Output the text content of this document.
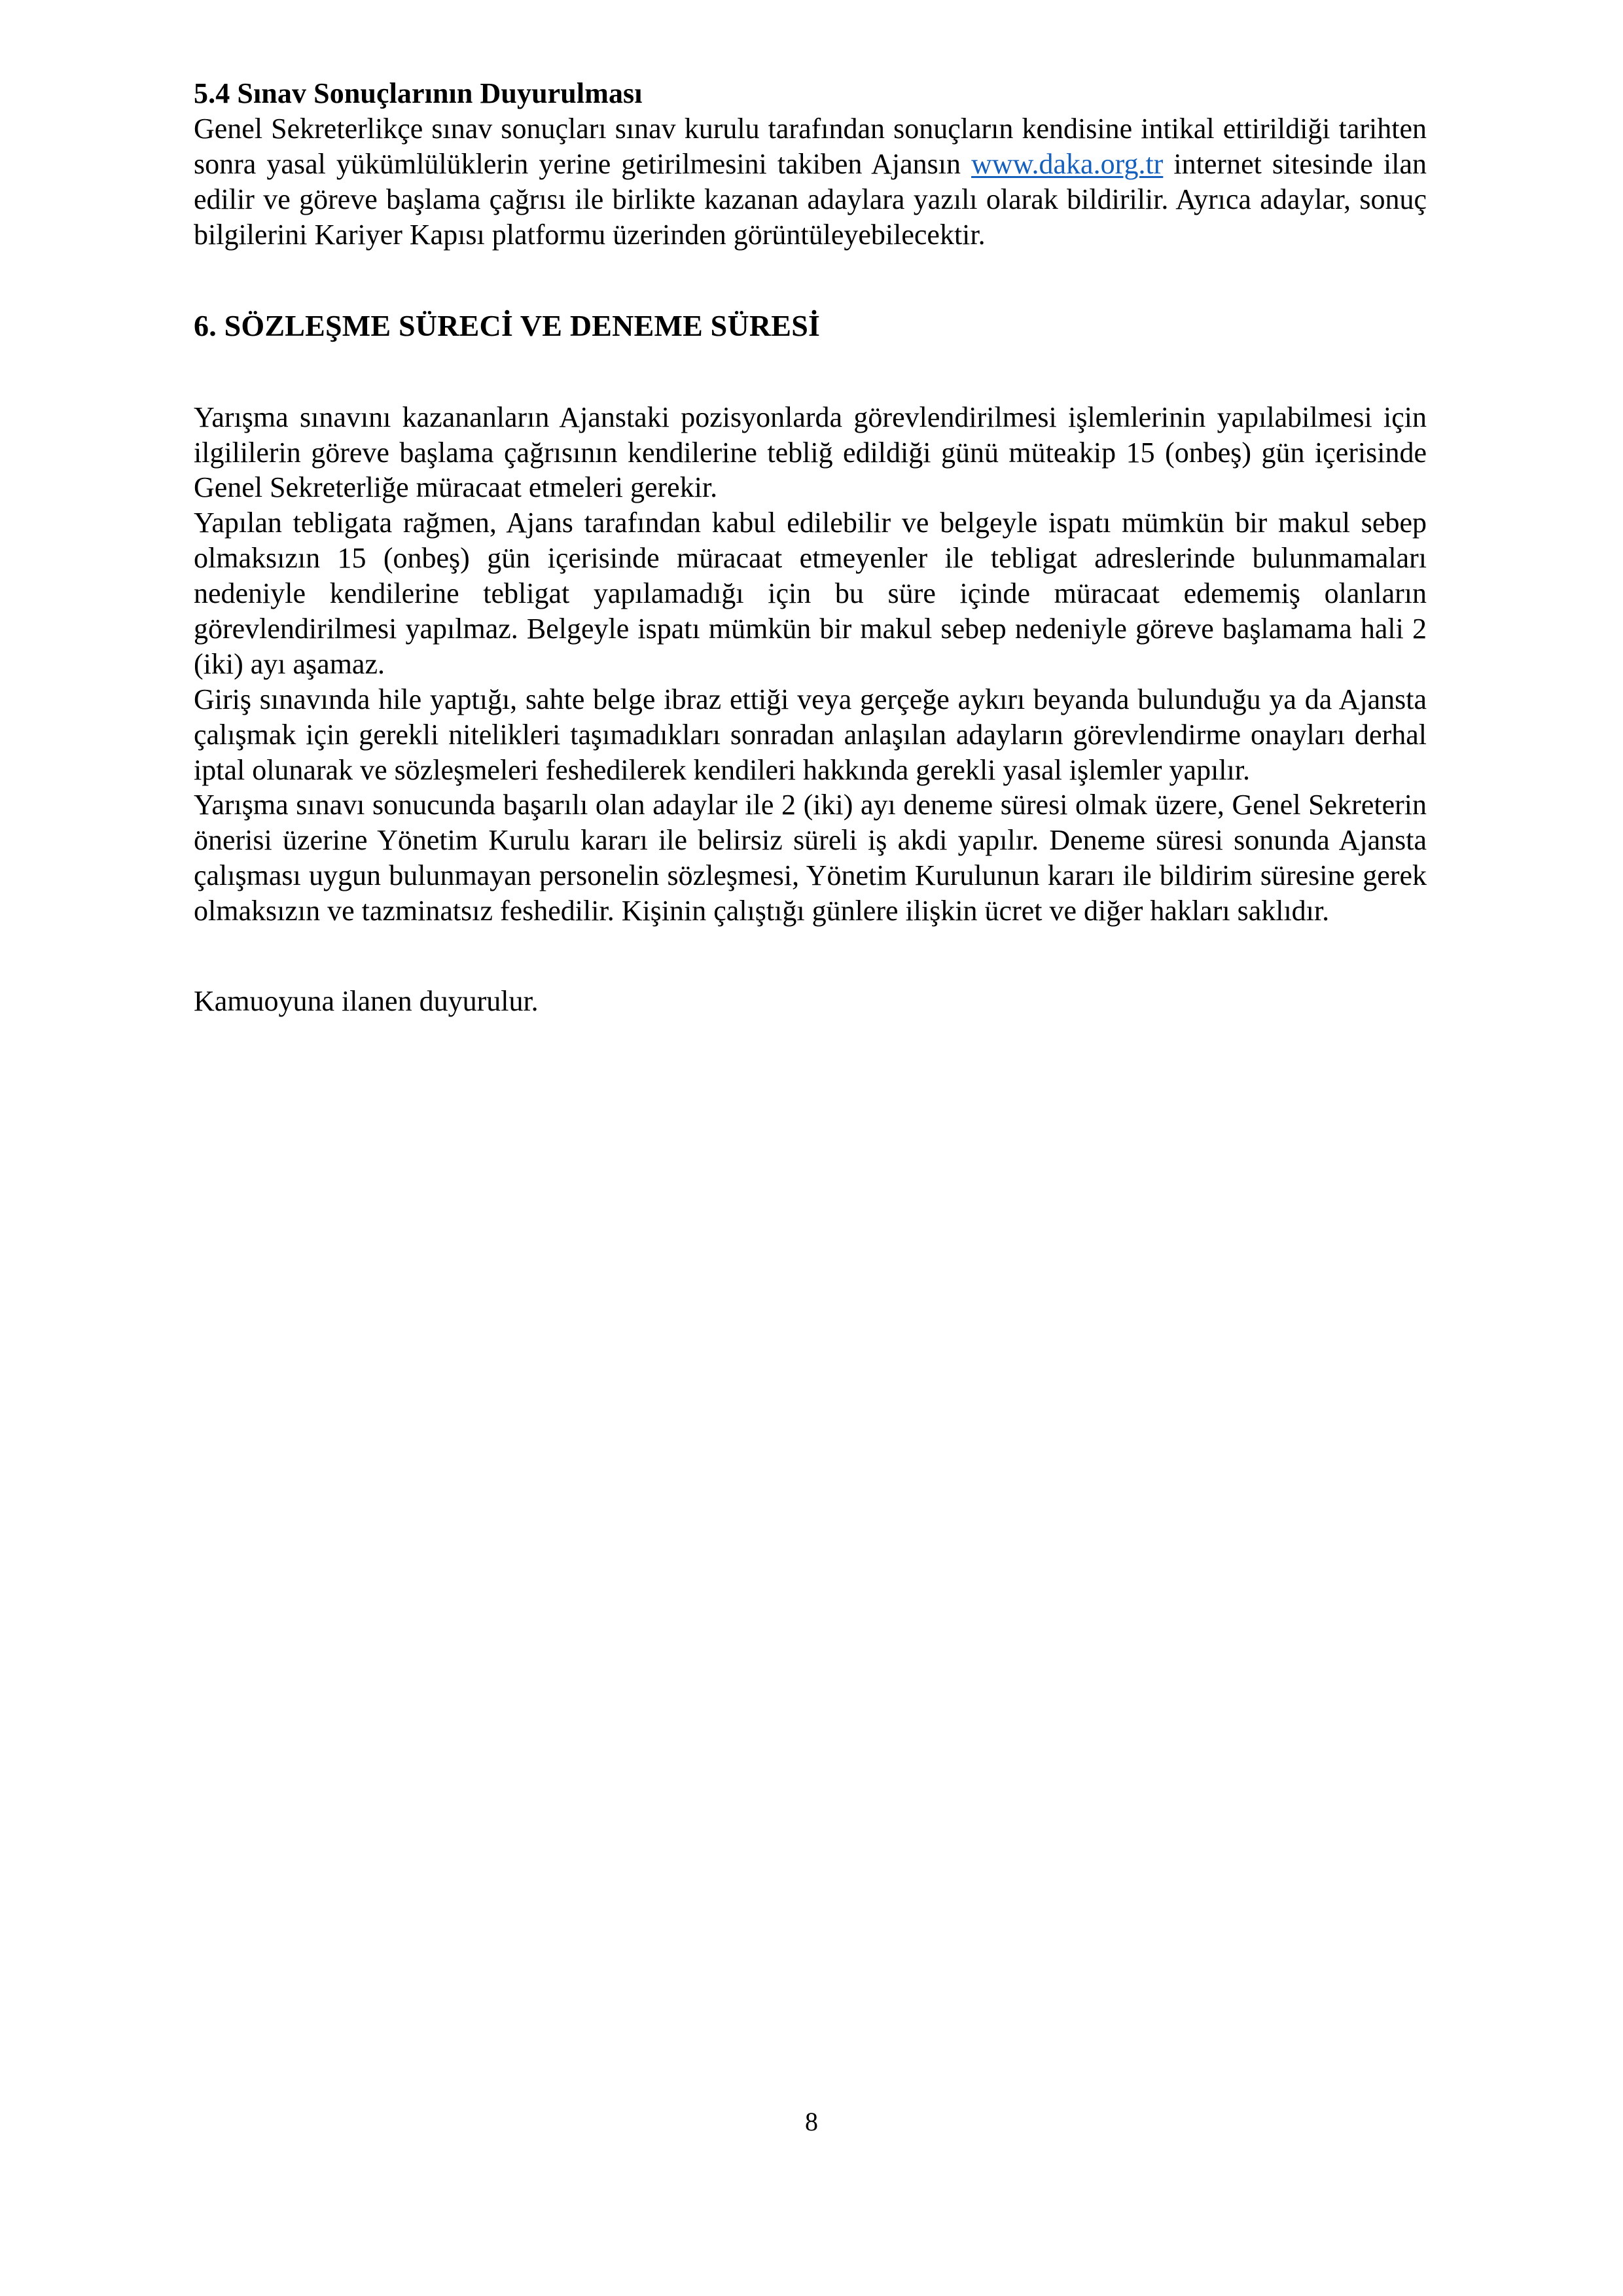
5.4 Sınav Sonuçlarının Duyurulması

Genel Sekreterlikçe sınav sonuçları sınav kurulu tarafından sonuçların kendisine intikal ettirildiği tarihten sonra yasal yükümlülüklerin yerine getirilmesini takiben Ajansın www.daka.org.tr internet sitesinde ilan edilir ve göreve başlama çağrısı ile birlikte kazanan adaylara yazılı olarak bildirilir. Ayrıca adaylar, sonuç bilgilerini Kariyer Kapısı platformu üzerinden görüntüleyebilecektir.

6. SÖZLEŞME SÜRECİ VE DENEME SÜRESİ

Yarışma sınavını kazananların Ajanstaki pozisyonlarda görevlendirilmesi işlemlerinin yapılabilmesi için ilgililerin göreve başlama çağrısının kendilerine tebliğ edildiği günü müteakip 15 (onbeş) gün içerisinde Genel Sekreterliğe müracaat etmeleri gerekir.

Yapılan tebligata rağmen, Ajans tarafından kabul edilebilir ve belgeyle ispatı mümkün bir makul sebep olmaksızın 15 (onbeş) gün içerisinde müracaat etmeyenler ile tebligat adreslerinde bulunmamaları nedeniyle kendilerine tebligat yapılamadığı için bu süre içinde müracaat edememiş olanların görevlendirilmesi yapılmaz. Belgeyle ispatı mümkün bir makul sebep nedeniyle göreve başlamama hali 2 (iki) ayı aşamaz.

Giriş sınavında hile yaptığı, sahte belge ibraz ettiği veya gerçeğe aykırı beyanda bulunduğu ya da Ajansta çalışmak için gerekli nitelikleri taşımadıkları sonradan anlaşılan adayların görevlendirme onayları derhal iptal olunarak ve sözleşmeleri feshedilerek kendileri hakkında gerekli yasal işlemler yapılır.

Yarışma sınavı sonucunda başarılı olan adaylar ile 2 (iki) ayı deneme süresi olmak üzere, Genel Sekreterin önerisi üzerine Yönetim Kurulu kararı ile belirsiz süreli iş akdi yapılır. Deneme süresi sonunda Ajansta çalışması uygun bulunmayan personelin sözleşmesi, Yönetim Kurulunun kararı ile bildirim süresine gerek olmaksızın ve tazminatsız feshedilir. Kişinin çalıştığı günlere ilişkin ücret ve diğer hakları saklıdır.

Kamuoyuna ilanen duyurulur.

8
